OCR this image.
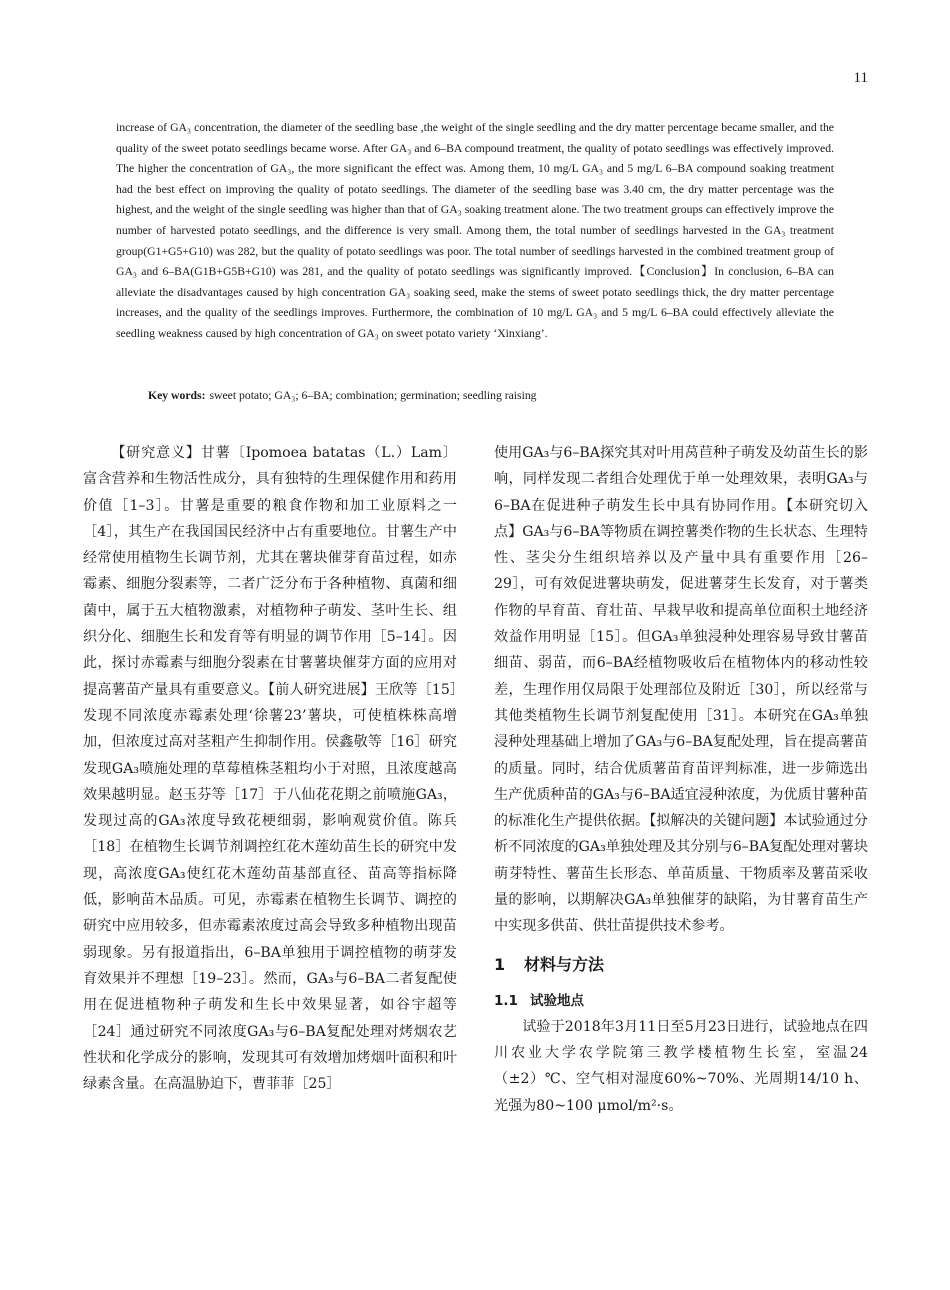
11

increase of GA₃ concentration, the diameter of the seedling base ,the weight of the single seedling and the dry matter percentage became smaller, and the quality of the sweet potato seedlings became worse. After GA₃ and 6–BA compound treatment, the quality of potato seedlings was effectively improved. The higher the concentration of GA₃, the more significant the effect was. Among them, 10 mg/L GA₃ and 5 mg/L 6–BA compound soaking treatment had the best effect on improving the quality of potato seedlings. The diameter of the seedling base was 3.40 cm, the dry matter percentage was the highest, and the weight of the single seedling was higher than that of GA₃ soaking treatment alone. The two treatment groups can effectively improve the number of harvested potato seedlings, and the difference is very small. Among them, the total number of seedlings harvested in the GA₃ treatment group(G1+G5+G10) was 282, but the quality of potato seedlings was poor. The total number of seedlings harvested in the combined treatment group of GA₃ and 6–BA(G1B+G5B+G10) was 281, and the quality of potato seedlings was significantly improved.【Conclusion】In conclusion, 6–BA can alleviate the disadvantages caused by high concentration GA₃ soaking seed, make the stems of sweet potato seedlings thick, the dry matter percentage increases, and the quality of the seedlings improves. Furthermore, the combination of 10 mg/L GA₃ and 5 mg/L 6–BA could effectively alleviate the seedling weakness caused by high concentration of GA₃ on sweet potato variety ‘Xinxiang’.

Key words: sweet potato; GA₃; 6–BA; combination; germination; seedling raising

【研究意义】甘薯〔Ipomoea batatas（L.）Lam〕富含营养和生物活性成分，具有独特的生理保健作用和药用价值［1–3］。甘薯是重要的粮食作物和加工业原料之一［4］，其生产在我国国民经济中占有重要地位。甘薯生产中经常使用植物生长调节剂，尤其在薯块催芽育苗过程，如赤霉素、细胞分裂素等，二者广泛分布于各种植物、真菌和细菌中，属于五大植物激素，对植物种子萌发、茎叶生长、组织分化、细胞生长和发育等有明显的调节作用［5–14］。因此，探讨赤霉素与细胞分裂素在甘薯薯块催芽方面的应用对提高薯苗产量具有重要意义。【前人研究进展】王欣等［15］发现不同浓度赤霉素处理‘徐薯23’薯块，可使植株株高增加，但浓度过高对茎粗产生抑制作用。侯鑫敬等［16］研究发现GA₃喷施处理的草莓植株茎粗均小于对照，且浓度越高效果越明显。赵玉芬等［17］于八仙花花期之前喷施GA₃，发现过高的GA₃浓度导致花梗细弱，影响观赏价值。陈兵［18］在植物生长调节剂调控红花木莲幼苗生长的研究中发现，高浓度GA₃使红花木莲幼苗基部直径、苗高等指标降低，影响苗木品质。可见，赤霉素在植物生长调节、调控的研究中应用较多，但赤霉素浓度过高会导致多种植物出现苗弱现象。另有报道指出，6–BA单独用于调控植物的萌芽发育效果并不理想［19–23］。然而，GA₃与6–BA二者复配使用在促进植物种子萌发和生长中效果显著，如谷宇超等［24］通过研究不同浓度GA₃与6–BA复配处理对烤烟农艺性状和化学成分的影响，发现其可有效增加烤烟叶面积和叶绿素含量。在高温胁迫下，曹菲菲［25］

使用GA₃与6–BA探究其对叶用莴苣种子萌发及幼苗生长的影响，同样发现二者组合处理优于单一处理效果，表明GA₃与6–BA在促进种子萌发生长中具有协同作用。【本研究切入点】GA₃与6–BA等物质在调控薯类作物的生长状态、生理特性、茎尖分生组织培养以及产量中具有重要作用［26–29］，可有效促进薯块萌发，促进薯芽生长发育，对于薯类作物的早育苗、育壮苗、早栽早收和提高单位面积土地经济效益作用明显［15］。但GA₃单独浸种处理容易导致甘薯苗细苗、弱苗，而6–BA经植物吸收后在植物体内的移动性较差，生理作用仅局限于处理部位及附近［30］，所以经常与其他类植物生长调节剂复配使用［31］。本研究在GA₃单独浸种处理基础上增加了GA₃与6–BA复配处理，旨在提高薯苗的质量。同时，结合优质薯苗育苗评判标准，进一步筛选出生产优质种苗的GA₃与6–BA适宜浸种浓度，为优质甘薯种苗的标准化生产提供依据。【拟解决的关键问题】本试验通过分析不同浓度的GA₃单独处理及其分别与6–BA复配处理对薯块萌芽特性、薯苗生长形态、单苗质量、干物质率及薯苗采收量的影响，以期解决GA₃单独催芽的缺陷，为甘薯育苗生产中实现多供苗、供壮苗提供技术参考。

1 材料与方法
1.1 试验地点

试验于2018年3月11日至5月23日进行，试验地点在四川农业大学农学院第三教学楼植物生长室，室温24（±2）℃、空气相对湿度60%~70%、光周期14/10 h、光强为80~100 μmol/m²·s。
